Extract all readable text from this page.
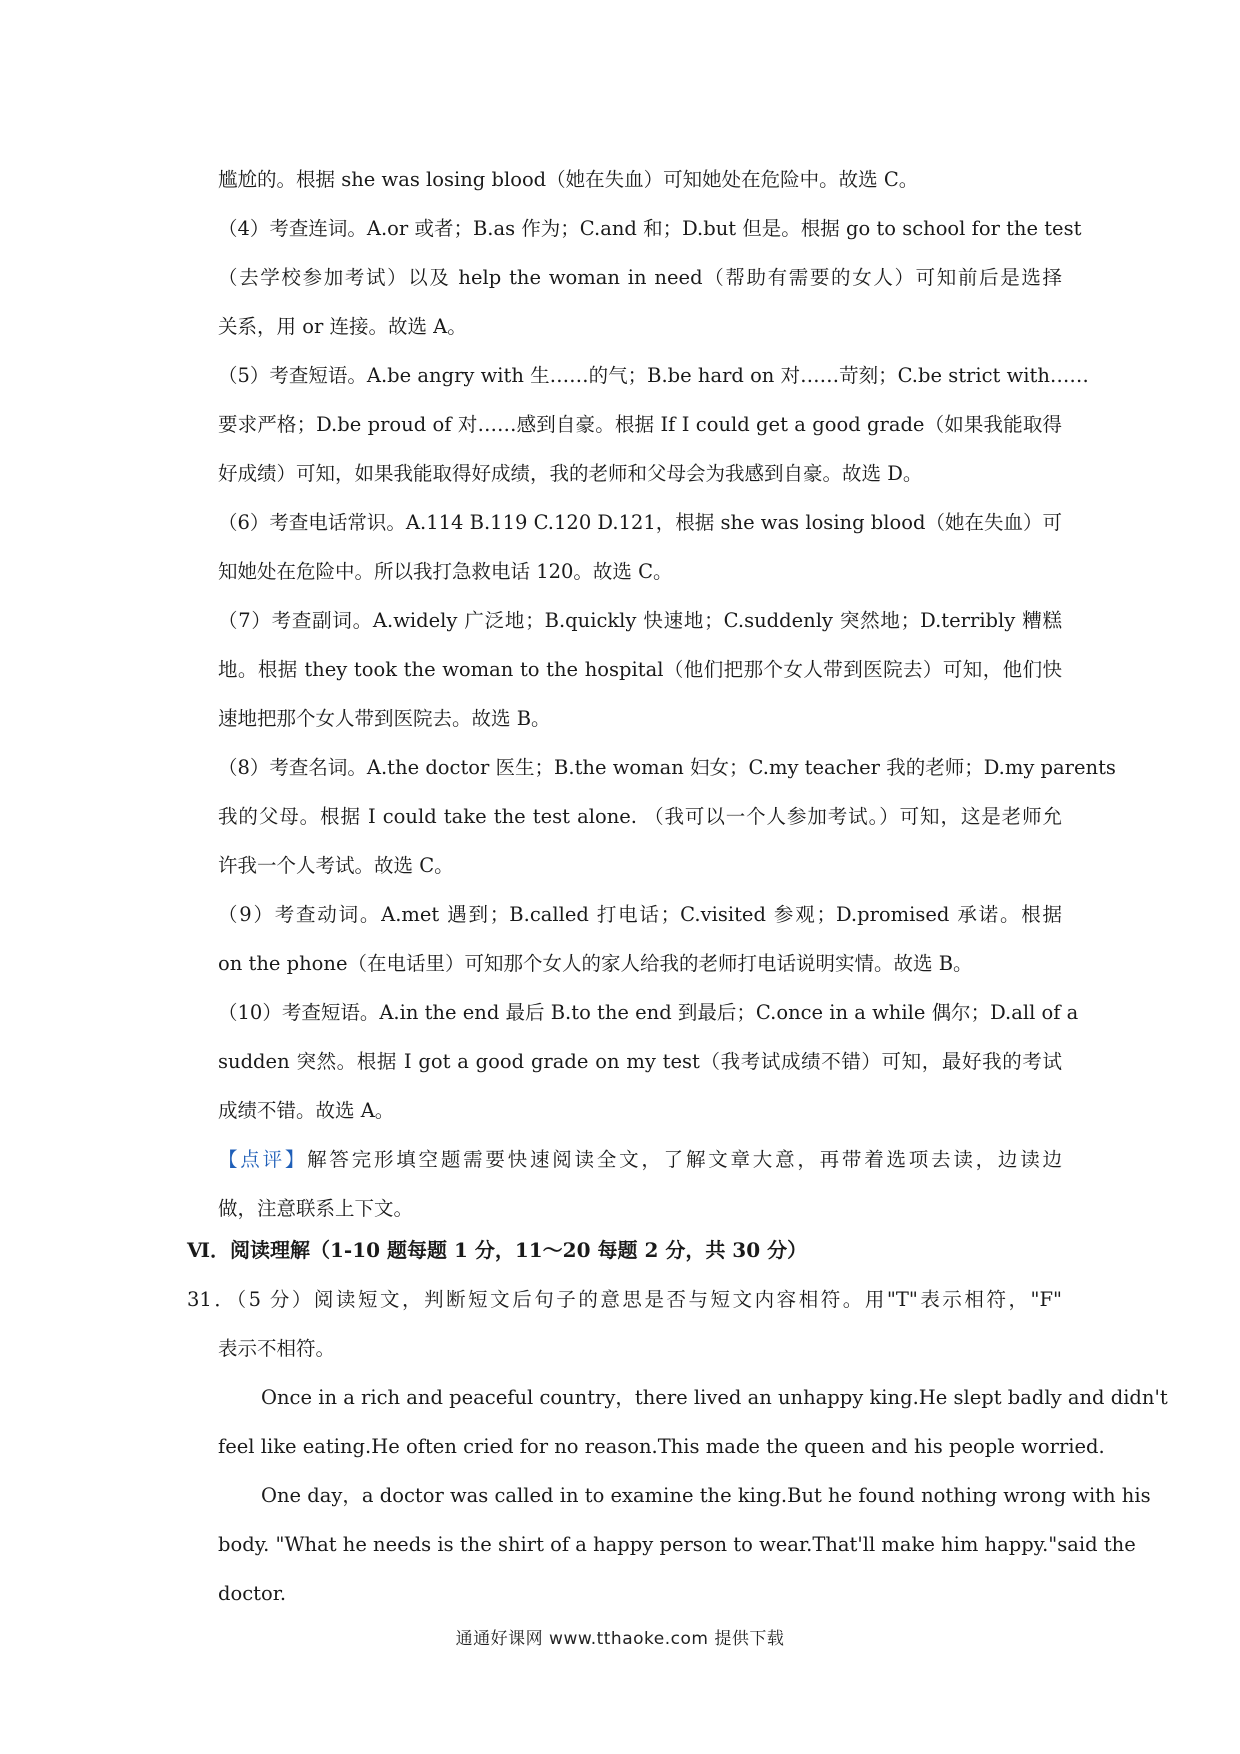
尴尬的。根据 she was losing blood（她在失血）可知她处在危险中。故选 C。
（4）考查连词。A.or 或者；B.as 作为；C.and 和；D.but 但是。根据 go to school for the test
（去学校参加考试）以及 help the woman in need（帮助有需要的女人）可知前后是选择
关系，用 or 连接。故选 A。
（5）考查短语。A.be angry with 生……的气；B.be hard on 对……苛刻；C.be strict with……
要求严格；D.be proud of 对……感到自豪。根据 If I could get a good grade（如果我能取得
好成绩）可知，如果我能取得好成绩，我的老师和父母会为我感到自豪。故选 D。
（6）考查电话常识。A.114 B.119 C.120 D.121，根据 she was losing blood（她在失血）可
知她处在危险中。所以我打急救电话 120。故选 C。
（7）考查副词。A.widely 广泛地；B.quickly 快速地；C.suddenly 突然地；D.terribly 糟糕
地。根据 they took the woman to the hospital（他们把那个女人带到医院去）可知，他们快
速地把那个女人带到医院去。故选 B。
（8）考查名词。A.the doctor 医生；B.the woman 妇女；C.my teacher 我的老师；D.my parents
我的父母。根据 I could take the test alone. （我可以一个人参加考试。）可知，这是老师允
许我一个人考试。故选 C。
（9）考查动词。A.met 遇到；B.called 打电话；C.visited 参观；D.promised 承诺。根据
on the phone（在电话里）可知那个女人的家人给我的老师打电话说明实情。故选 B。
（10）考查短语。A.in the end 最后 B.to the end 到最后；C.once in a while 偶尔；D.all of a
sudden 突然。根据 I got a good grade on my test（我考试成绩不错）可知，最好我的考试
成绩不错。故选 A。
【点评】解答完形填空题需要快速阅读全文，了解文章大意，再带着选项去读，边读边
做，注意联系上下文。
Ⅵ．阅读理解（1-10 题每题 1 分，11～20 每题 2 分，共 30 分）
31．（5 分）阅读短文，判断短文后句子的意思是否与短文内容相符。用"T"表示相符，"F"
表示不相符。
Once in a rich and peaceful country，there lived an unhappy king.He slept badly and didn't
feel like eating.He often cried for no reason.This made the queen and his people worried.
One day，a doctor was called in to examine the king.But he found nothing wrong with his
body. "What he needs is the shirt of a happy person to wear.That'll make him happy."said the
doctor.
通通好课网 www.tthaoke.com 提供下载
